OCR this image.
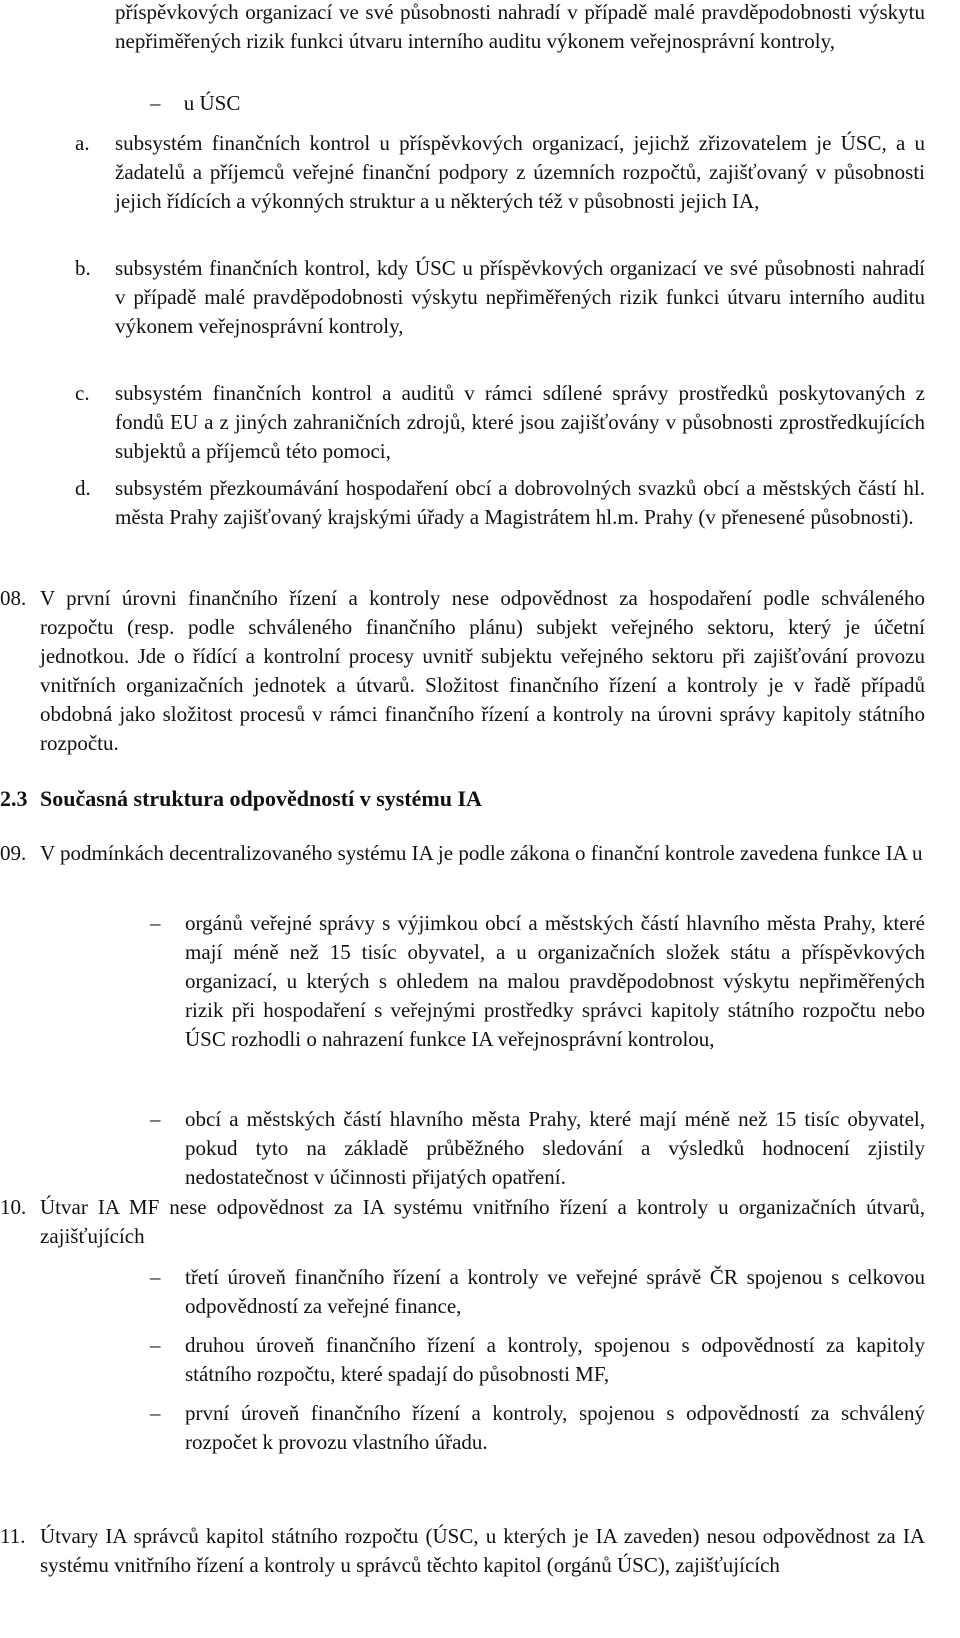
příspěvkových organizací ve své působnosti nahradí v případě malé pravděpodobnosti výskytu nepřiměřených rizik funkci útvaru interního auditu výkonem veřejnosprávní kontroly,

– u ÚSC
a.	subsystém finančních kontrol u příspěvkových organizací, jejichž zřizovatelem je ÚSC, a u žadatelů a příjemců veřejné finanční podpory z územních rozpočtů, zajišťovaný v působnosti jejich řídících a výkonných struktur a u některých též v působnosti jejich IA,

b.	subsystém finančních kontrol, kdy ÚSC u příspěvkových organizací ve své působnosti nahradí v případě malé pravděpodobnosti výskytu nepřiměřených rizik funkci útvaru interního auditu výkonem veřejnosprávní kontroly,

c.	subsystém finančních kontrol a auditů v rámci sdílené správy prostředků poskytovaných z fondů EU a z jiných zahraničních zdrojů, které jsou zajišťovány v působnosti zprostředkujících subjektů a příjemců této pomoci,

d.	subsystém přezkoumávání hospodaření obcí a dobrovolných svazků obcí a městských částí hl. města Prahy zajišťovaný krajskými úřady a Magistrátem hl.m. Prahy (v přenesené působnosti).

08. V první úrovni finančního řízení a kontroly nese odpovědnost za hospodaření podle schváleného rozpočtu (resp. podle schváleného finančního plánu) subjekt veřejného sektoru, který je účetní jednotkou. Jde o řídící a kontrolní procesy uvnitř subjektu veřejného sektoru při zajišťování provozu vnitřních organizačních jednotek a útvarů. Složitost finančního řízení a kontroly je v řadě případů obdobná jako složitost procesů v rámci finančního řízení a kontroly na úrovni správy kapitoly státního rozpočtu.

2.3 Současná struktura odpovědností v systému IA
09. V podmínkách decentralizovaného systému IA je podle zákona o finanční kontrole zavedena funkce IA u

– orgánů veřejné správy s výjimkou obcí a městských částí hlavního města Prahy, které mají méně než 15 tisíc obyvatel, a u organizačních složek státu a příspěvkových organizací, u kterých s ohledem na malou pravděpodobnost výskytu nepřiměřených rizik při hospodaření s veřejnými prostředky správci kapitoly státního rozpočtu nebo ÚSC rozhodli o nahrazení funkce IA veřejnosprávní kontrolou,

– obcí a městských částí hlavního města Prahy, které mají méně než 15 tisíc obyvatel, pokud tyto na základě průběžného sledování a výsledků hodnocení zjistily nedostatečnost v účinnosti přijatých opatření.

10. Útvar IA MF nese odpovědnost za IA systému vnitřního řízení a kontroly u organizačních útvarů, zajišťujících

– třetí úroveň finančního řízení a kontroly ve veřejné správě ČR spojenou s celkovou odpovědností za veřejné finance,

– druhou úroveň finančního řízení a kontroly, spojenou s odpovědností za kapitoly státního rozpočtu, které spadají do působnosti MF,

– první úroveň finančního řízení a kontroly, spojenou s odpovědností za schválený rozpočet k provozu vlastního úřadu.

11. Útvary IA správců kapitol státního rozpočtu (ÚSC, u kterých je IA zaveden) nesou odpovědnost za IA systému vnitřního řízení a kontroly u správců těchto kapitol (orgánů ÚSC), zajišťujících
